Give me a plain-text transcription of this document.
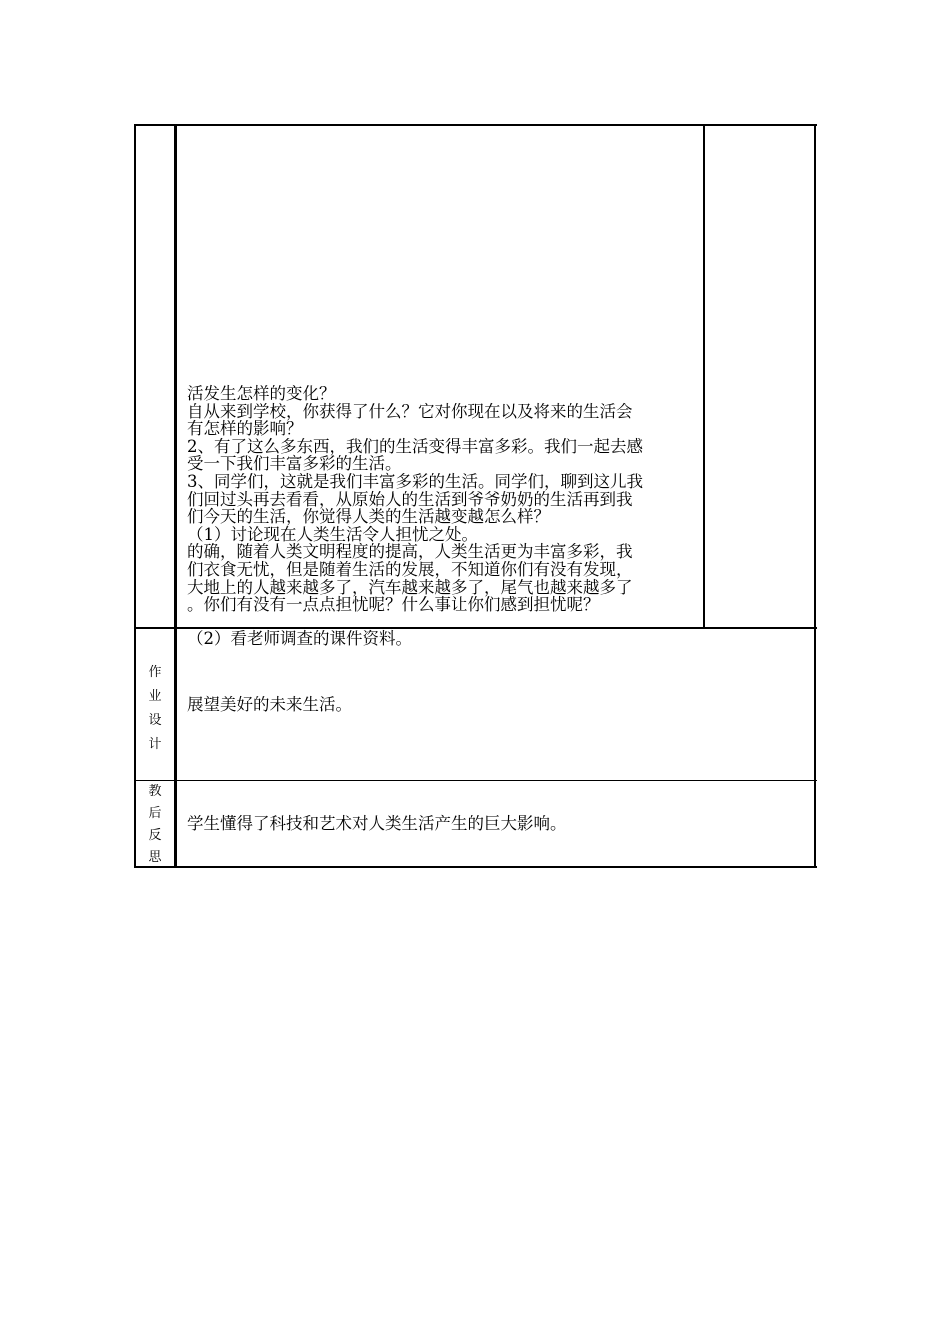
活发生怎样的变化？
自从来到学校，你获得了什么？它对你现在以及将来的生活会
有怎样的影响？
2、有了这么多东西，我们的生活变得丰富多彩。我们一起去感
受一下我们丰富多彩的生活。
3、同学们，这就是我们丰富多彩的生活。同学们，聊到这儿我
们回过头再去看看，从原始人的生活到爷爷奶奶的生活再到我
们今天的生活，你觉得人类的生活越变越怎么样？
（1）讨论现在人类生活令人担忧之处。
的确，随着人类文明程度的提高，人类生活更为丰富多彩，我
们衣食无忧，但是随着生活的发展，不知道你们有没有发现，
大地上的人越来越多了，汽车越来越多了，尾气也越来越多了
。你们有没有一点点担忧呢？什么事让你们感到担忧呢？
（2）看老师调查的课件资料。
作
业
设
计
展望美好的未来生活。
教
后
反
思
学生懂得了科技和艺术对人类生活产生的巨大影响。
